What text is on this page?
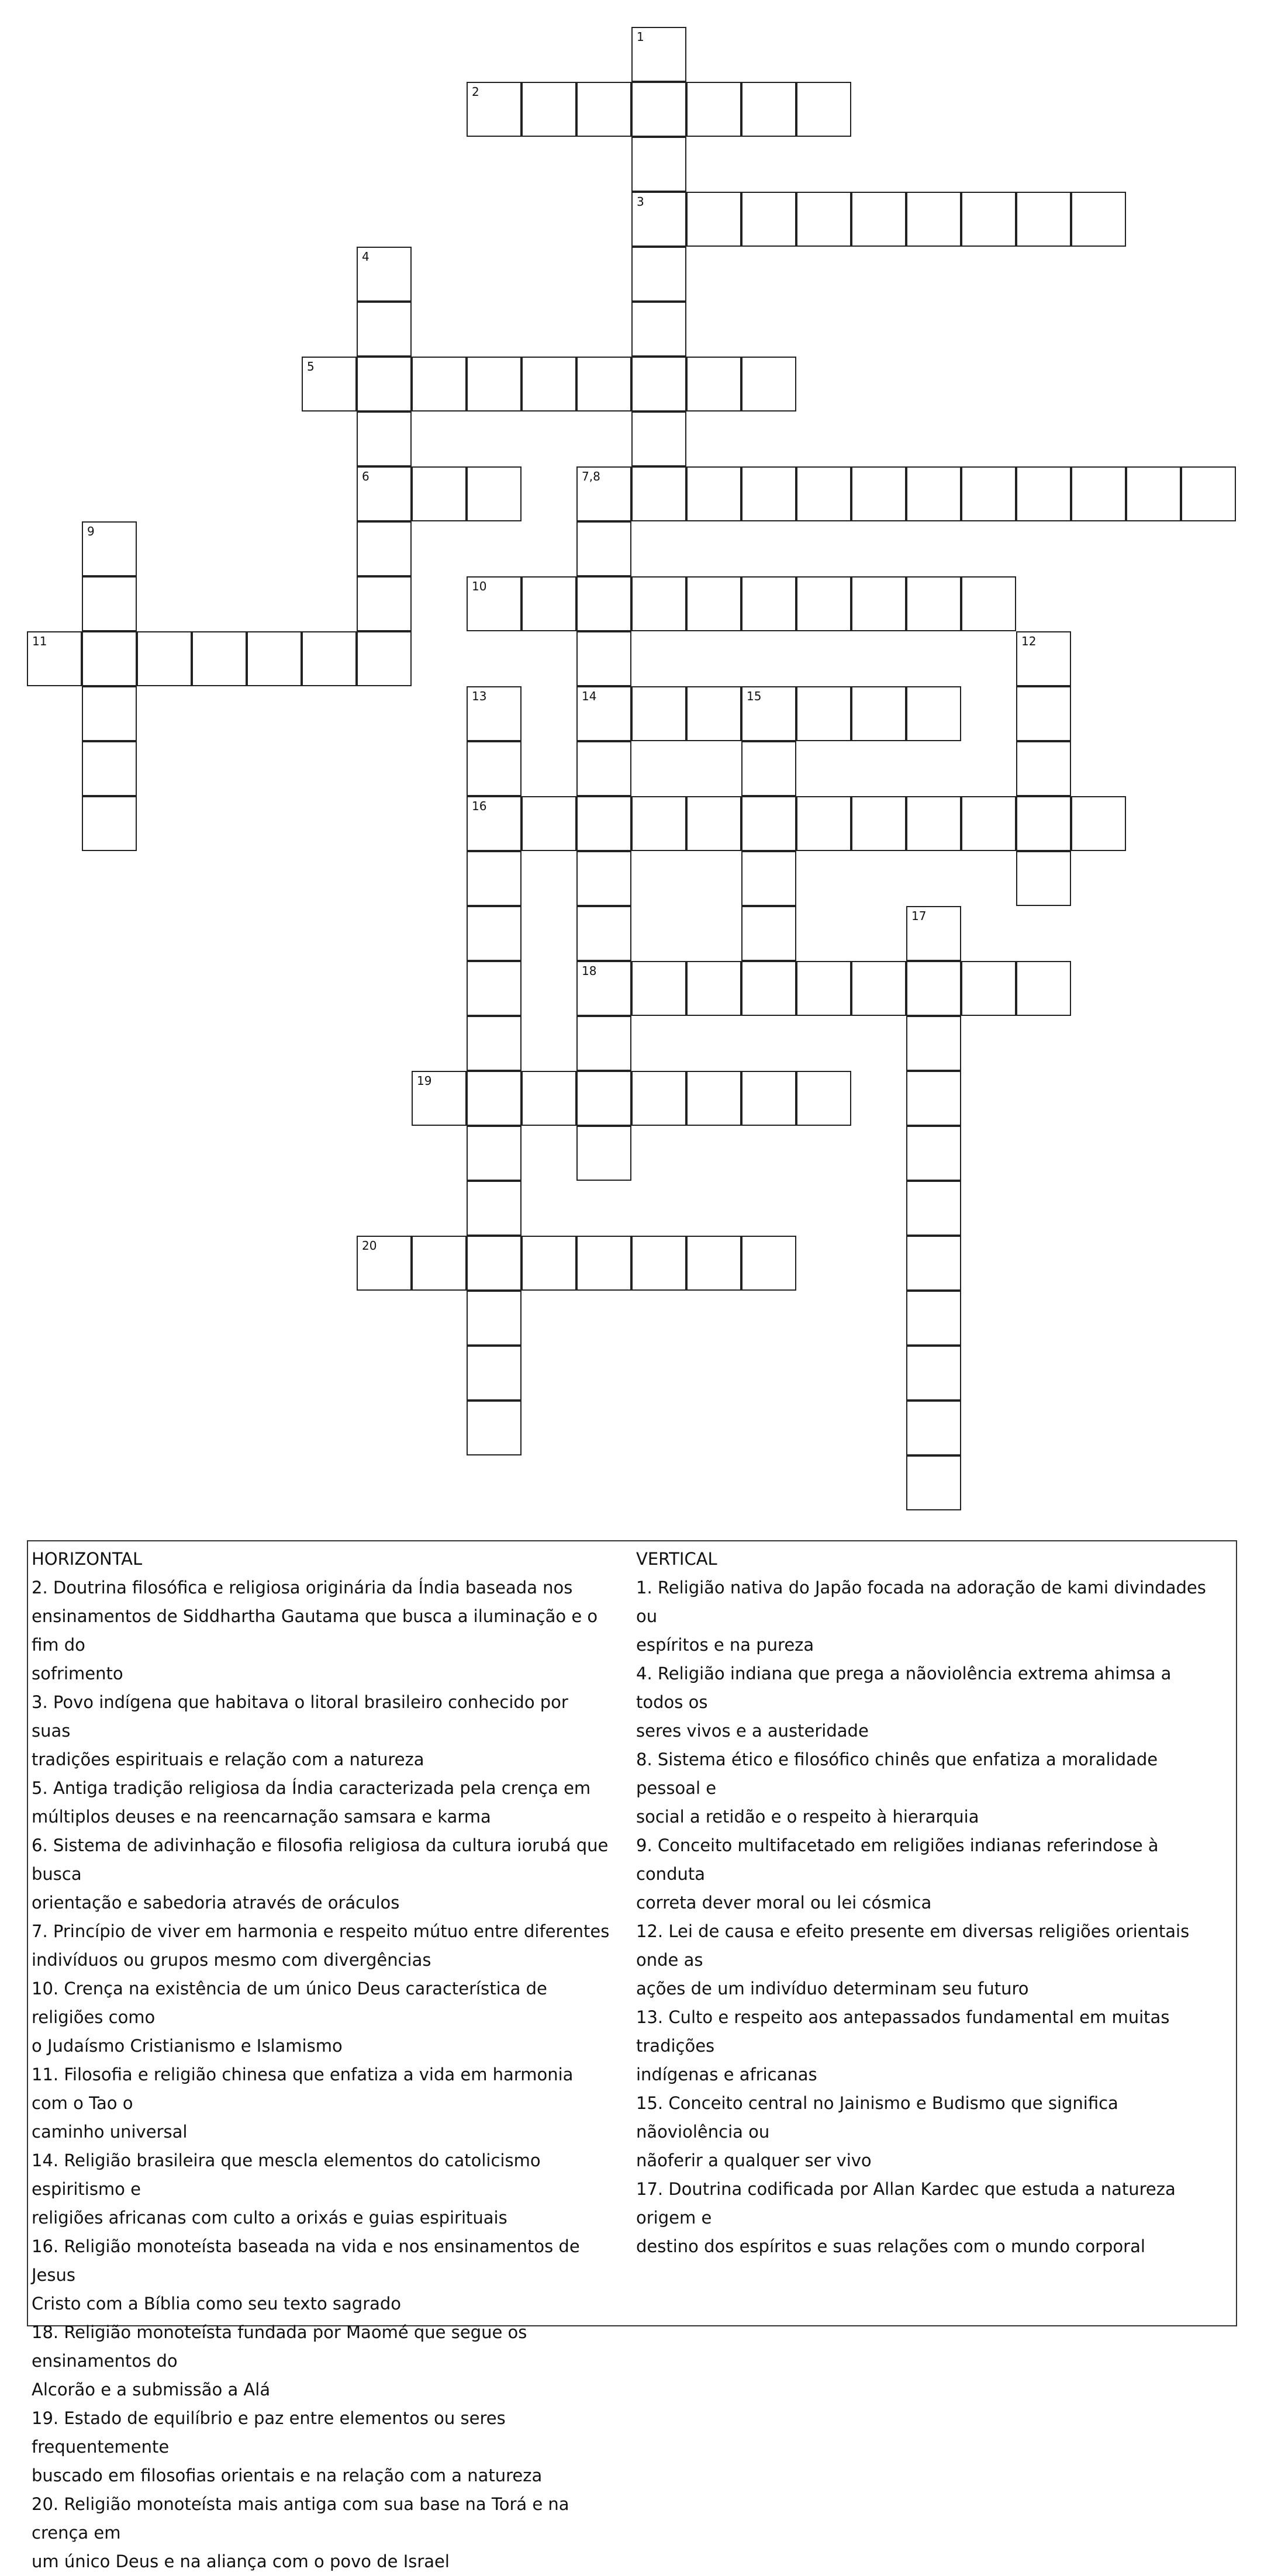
1
3
2
4
6
5
7,8
14
18
9
10
11	12
13
16
15
17
19
20
HORIZONTAL
2. Doutrina filosófica e religiosa originária da Índia baseada nos
ensinamentos de Siddhartha Gautama que busca a iluminação e o fim do
sofrimento
3. Povo indígena que habitava o litoral brasileiro conhecido por suas
tradições espirituais e relação com a natureza
5. Antiga tradição religiosa da Índia caracterizada pela crença em
múltiplos deuses e na reencarnação samsara e karma
6. Sistema de adivinhação e filosofia religiosa da cultura iorubá que busca
orientação e sabedoria através de oráculos
7. Princípio de viver em harmonia e respeito mútuo entre diferentes
indivíduos ou grupos mesmo com divergências
10. Crença na existência de um único Deus característica de religiões como
o Judaísmo Cristianismo e Islamismo
11. Filosofia e religião chinesa que enfatiza a vida em harmonia com o Tao o
caminho universal
14. Religião brasileira que mescla elementos do catolicismo espiritismo e
religiões africanas com culto a orixás e guias espirituais
16. Religião monoteísta baseada na vida e nos ensinamentos de Jesus
Cristo com a Bíblia como seu texto sagrado
18. Religião monoteísta fundada por Maomé que segue os ensinamentos do
Alcorão e a submissão a Alá
19. Estado de equilíbrio e paz entre elementos ou seres frequentemente
buscado em filosofias orientais e na relação com a natureza
20. Religião monoteísta mais antiga com sua base na Torá e na crença em
um único Deus e na aliança com o povo de Israel
VERTICAL
1. Religião nativa do Japão focada na adoração de kami divindades ou
espíritos e na pureza
4. Religião indiana que prega a nãoviolência extrema ahimsa a todos os
seres vivos e a austeridade
8. Sistema ético e filosófico chinês que enfatiza a moralidade pessoal e
social a retidão e o respeito à hierarquia
9. Conceito multifacetado em religiões indianas referindose à conduta
correta dever moral ou lei cósmica
12. Lei de causa e efeito presente em diversas religiões orientais onde as
ações de um indivíduo determinam seu futuro
13. Culto e respeito aos antepassados fundamental em muitas tradições
indígenas e africanas
15. Conceito central no Jainismo e Budismo que significa nãoviolência ou
nãoferir a qualquer ser vivo
17. Doutrina codificada por Allan Kardec que estuda a natureza origem e
destino dos espíritos e suas relações com o mundo corporal
